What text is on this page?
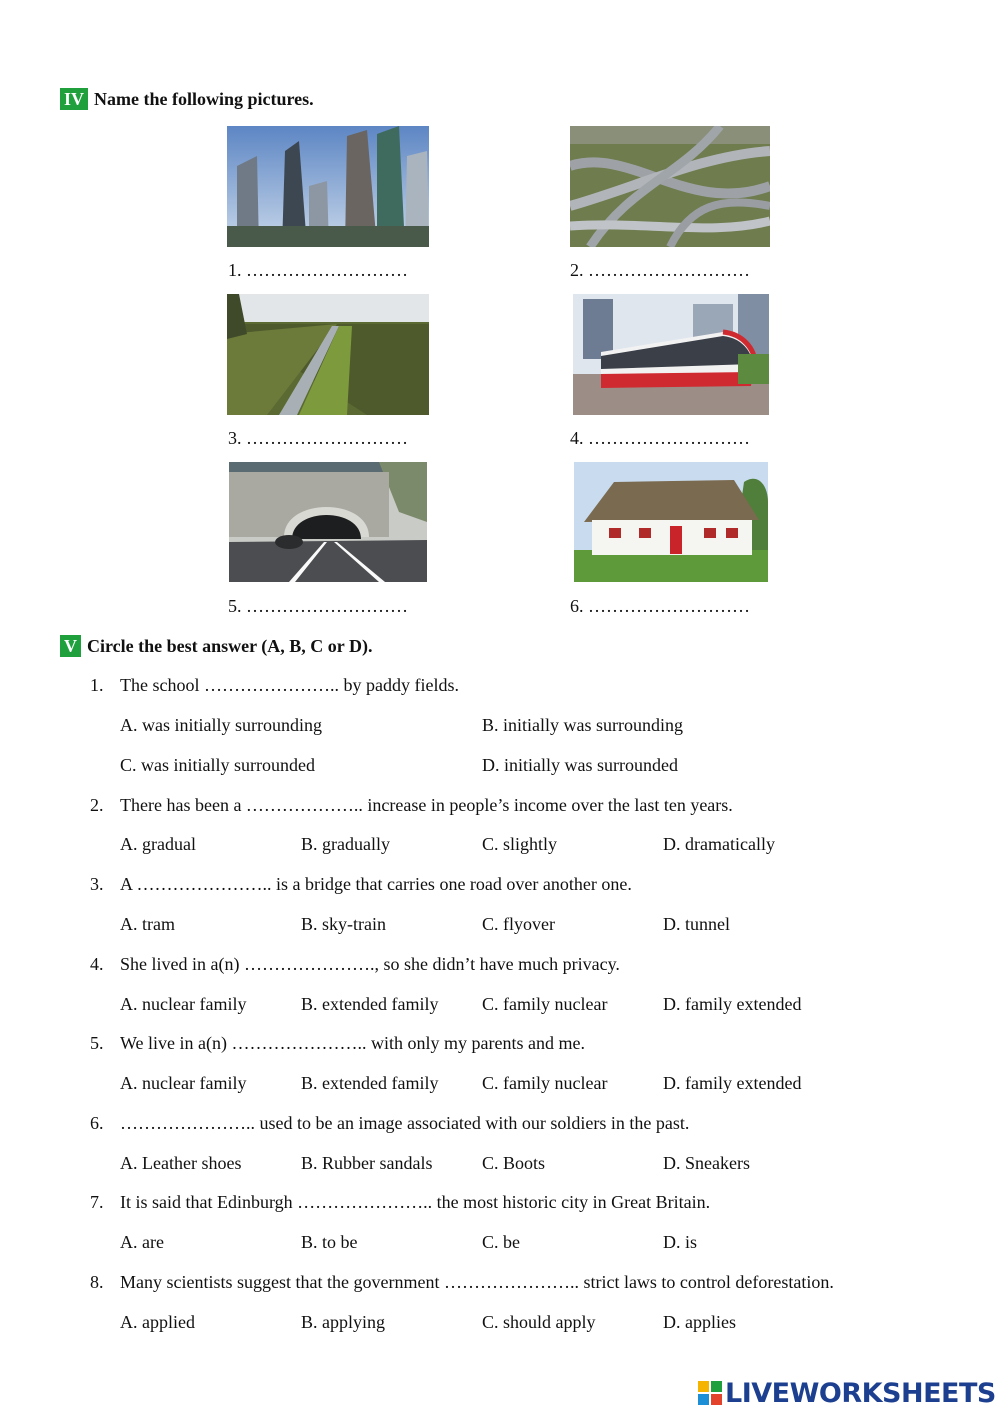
IV Name the following pictures.
1. ………………………	2. ………………………
3. ………………………	4. ………………………
5. ………………………	6. ………………………
V Circle the best answer (A, B, C or D).
1. The school ………………….. by paddy fields.
A. was initially surrounding	B. initially was surrounding
C. was initially surrounded	D. initially was surrounded
2. There has been a ……………….. increase in people’s income over the last ten years.
A. gradual	B. gradually	C. slightly	D. dramatically
3. A ………………….. is a bridge that carries one road over another one.
A. tram	B. sky-train	C. flyover	D. tunnel
4. She lived in a(n) …………………., so she didn’t have much privacy.
A. nuclear family	B. extended family C. family nuclear	D. family extended
5. We live in a(n) ………………….. with only my parents and me.
A. nuclear family	B. extended family C. family nuclear	D. family extended
6. ………………….. used to be an image associated with our soldiers in the past.
A. Leather shoes	B. Rubber sandals	C. Boots	D. Sneakers
7. It is said that Edinburgh ………………….. the most historic city in Great Britain.
A. are	B. to be	C. be	D. is
8. Many scientists suggest that the government ………………….. strict laws to control deforestation.
A. applied	B. applying	C. should apply	D. applies
LIVEWORKSHEETS
